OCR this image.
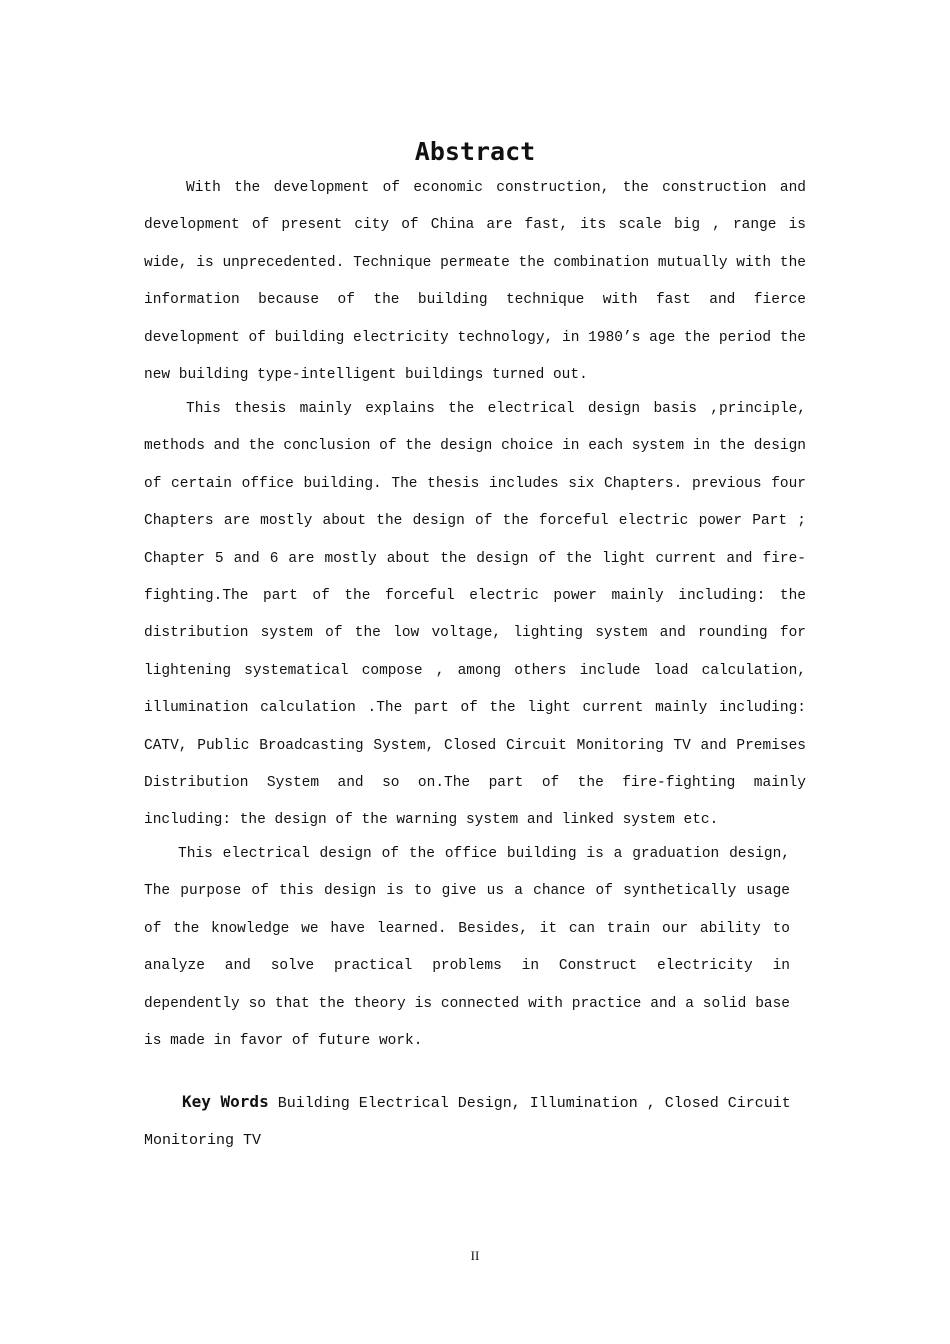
Abstract

With the development of economic construction, the construction and development of present city of China are fast, its scale big , range is wide, is unprecedented. Technique permeate the combination mutually with the information because of the building technique with fast and fierce development of building electricity technology, in 1980’s age the period the new building type-intelligent buildings turned out.

This thesis mainly explains the electrical design basis ,principle, methods and the conclusion of the design choice in each system in the design of certain office building. The thesis includes six Chapters. previous four Chapters are mostly about the design of the forceful electric power Part ; Chapter 5 and 6 are mostly about the design of the light current and fire-fighting.The part of the forceful electric power mainly including: the distribution system of the low voltage, lighting system and rounding for lightening systematical compose , among others include load calculation, illumination calculation .The part of the light current mainly including: CATV, Public Broadcasting System, Closed Circuit Monitoring TV and Premises Distribution System and so on.The part of the fire-fighting mainly including: the design of the warning system and linked system etc.

This electrical design of the office building is a graduation design, The purpose of this design is to give us a chance of synthetically usage of the knowledge we have learned. Besides, it can train our ability to analyze and solve practical problems in Construct electricity in dependently so that the theory is connected with practice and a solid base is made in favor of future work.

Key Words Building Electrical Design, Illumination , Closed Circuit Monitoring TV

II
